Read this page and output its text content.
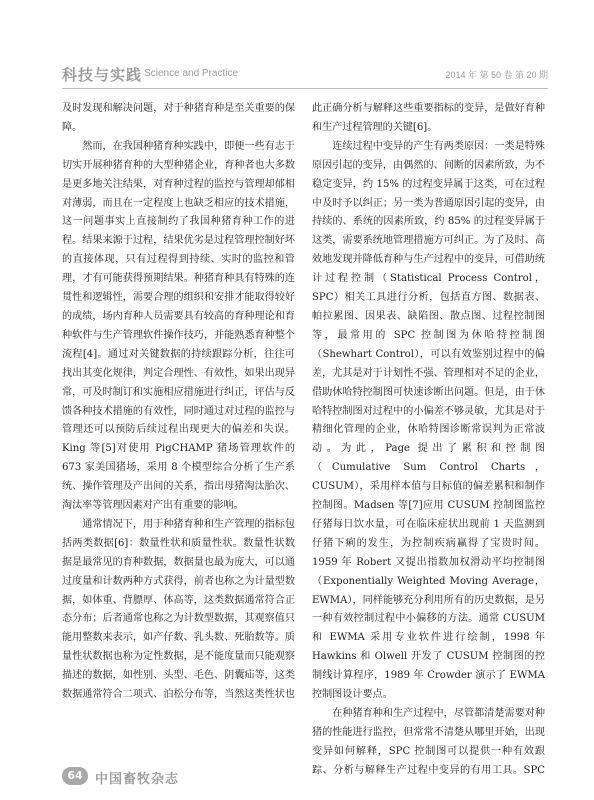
科技与实践
· Science and Practice	2014 年 第 50 卷 第 20 期
及时发现和解决问题，对于种猪育种是至关重要的保障。
然而，在我国种猪育种实践中，即便一些有志于切实开展种猪育种的大型种猪企业，育种者也大多数是更多地关注结果，对育种过程的监控与管理却郁相对薄弱，而且在一定程度上也缺乏相应的技术措施，这一问题事实上直接制约了我国种猪育种工作的进程。结果来源于过程，结果优劣是过程管理控制好坏的直接体现，只有过程得到持续、实时的监控和管理，才有可能获得预期结果。种猪育种具有特殊的连贯性和逻辑性，需要合理的组织和安排才能取得较好的成绩，场内育种人员需要具有较高的育种理论和育种软件与生产管理软件操作技巧，并能熟悉育种整个流程[4]。通过对关键数据的持续跟踪分析，往往可找出其变化规律，判定合理性、有效性，如果出现异常，可及时制订和实施相应措施进行纠正，评估与反馈各种技术措施的有效性，同时通过对过程的监控与管理还可以预防后续过程出现更大的偏差和失误。King 等[5]对使用 PigCHAMP 猪场管理软件的 673 家美国猪场，采用 8 个模型综合分析了生产系统、操作管理及产出间的关系，指出母猪淘汰胎次、淘汰率等管理因素对产出有重要的影响。
通常情况下，用于种猪育种和生产管理的指标包括两类数据[6]：数量性状和质量性状。数量性状数据是最常见的育种数据，数据量也最为庞大，可以通过度量和计数两种方式获得，前者也称之为计量型数据，如体重、背膘厚、体高等，这类数据通常符合正态分布；后者通常也称之为计数型数据，其观察值只能用整数来表示，如产仔数、乳头数、死胎数等。质量性状数据也称为定性数据，是不能度量而只能观察描述的数据，如性别、头型、毛色、阴囊疝等，这类数据通常符合二项式、泊松分布等，当然这类性状也
此正确分析与解释这些重要指标的变异，是做好育种和生产过程管理的关键[6]。
连续过程中变异的产生有两类原因：一类是特殊原因引起的变异，由偶然的、间断的因素所致，为不稳定变异，约 15% 的过程变异属于这类，可在过程中及时予以纠正；另一类为普通原因引起的变异，由持续的、系统的因素所致，约 85% 的过程变异属于这类，需要系统地管理措施方可纠正。为了及时、高效地发现并降低育种与生产过程中的变异，可借助统计过程控制（Statistical Process Control，SPC）相关工具进行分析，包括直方图、数据表、帕拉累图、因果表、缺陷图、散点图、过程控制图等，最常用的 SPC 控制图为休哈特控制图（Shewhart Control），可以有效鉴别过程中的偏差，尤其是对于计划性不强、管理相对不足的企业，借助休哈特控制图可快速诊断出问题。但是，由于休哈特控制图对过程中的小偏差不够灵敏，尤其是对于精细化管理的企业，休哈特图诊断常误判为正常波动。为此，Page 提出了累积和控制图（Cumulative Sum Control Charts，CUSUM），采用样本值与目标值的偏差累积和制作控制图。Madsen 等[7]应用 CUSUM 控制图监控仔猪每日饮水量，可在临床症状出现前 1 天监测到仔猪下痢的发生，为控制疾病赢得了宝贵时间。1959 年 Robert 又提出指数加权滑动平均控制图（Exponentially Weighted Moving Average，EWMA），同样能够充分利用所有的历史数据，是另一种有效控制过程中小偏移的方法。通常 CUSUM 和 EWMA 采用专业软件进行绘制，1998 年 Hawkins 和 Olwell 开发了 CUSUM 控制图的控制线计算程序，1989 年 Crowder 演示了 EWMA 控制图设计要点。
在种猪育种和生产过程中，尽管都清楚需要对种猪的性能进行监控，但常常不清楚从哪里开始，出现变异如何解释，SPC 控制图可以提供一种有效跟踪、分析与解释生产过程中变异的有用工具。SPC
64 中国畜牧杂志
